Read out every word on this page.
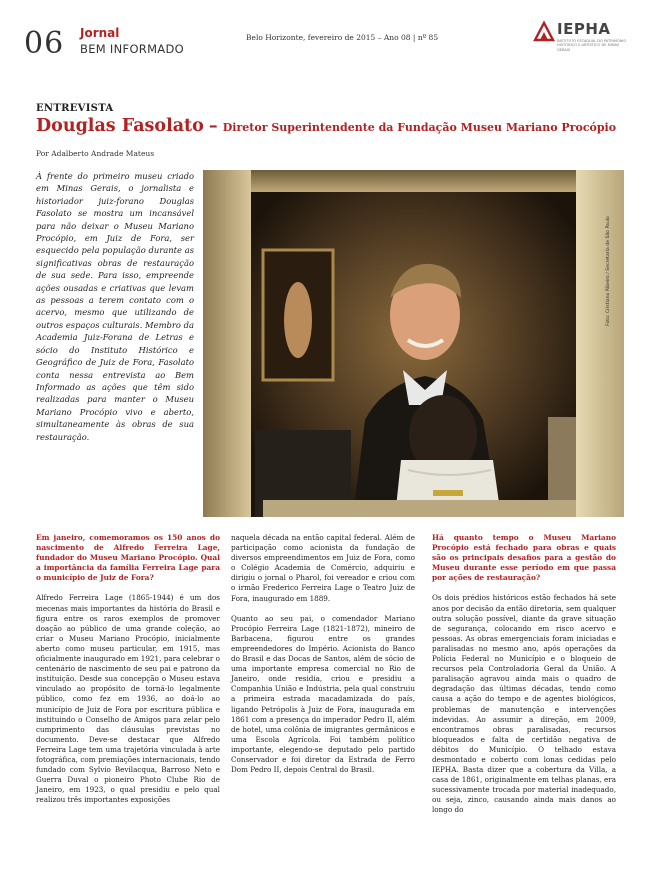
06 Jornal
BEM INFORMADO
Belo Horizonte, fevereiro de 2015 – Ano 08 | nº 85	IEPHA
INSTITUTO ESTADUAL DO PATRIMÔNIO HISTÓRICO E ARTÍSTICO DE MINAS GERAIS
ENTREVISTA
Douglas Fasolato – Diretor Superintendente da Fundação Museu Mariano Procópio
Por Adalberto Andrade Mateus
À frente do primeiro museu criado em Minas Gerais, o jornalista e historiador juiz-forano Douglas Fasolato se mostra um incansável para não deixar o Museu Mariano Procópio, em Juiz de Fora, ser esquecido pela população durante as significativas obras de restauração de sua sede. Para isso, empreende ações ousadas e criativas que levam as pessoas a terem contato com o acervo, mesmo que utilizando de outros espaços culturais. Membro da Academia Juiz-Forana de Letras e sócio do Instituto Histórico e Geográfico de Juiz de Fora, Fasolato conta nessa entrevista ao Bem Informado as ações que têm sido realizadas para manter o Museu Mariano Procópio vivo e aberto, simultaneamente às obras de sua restauração.
Foto: Cristiano Ribeiro / Secretaria de São Paulo
Em janeiro, comemoramos os 150 anos do nascimento de Alfredo Ferreira Lage, fundador do Museu Mariano Procópio. Qual a importância da família Ferreira Lage para o município de Juiz de Fora?

Alfredo Ferreira Lage (1865-1944) é um dos mecenas mais importantes da história do Brasil e figura entre os raros exemplos de promover doação ao público de uma grande coleção, ao criar o Museu Mariano Procópio, inicialmente aberto como museu particular, em 1915, mas oficialmente inaugurado em 1921, para celebrar o centenário de nascimento de seu pai e patrono da instituição. Desde sua concepção o Museu estava vinculado ao propósito de torná-lo legalmente público, como fez em 1936, ao doá-lo ao município de Juiz de Fora por escritura pública e instituindo o Conselho de Amigos para zelar pelo cumprimento das cláusulas previstas no documento. Deve-se destacar que Alfredo Ferreira Lage tem uma trajetória vinculada à arte fotográfica, com premiações internacionais, tendo fundado com Sylvio Bevilacqua, Barroso Neto e Guerra Duval o pioneiro Photo Clube Rio de Janeiro, em 1923, o qual presidiu e pelo qual realizou três importantes exposições

naquela década na então capital federal. Além de participação como acionista da fundação de diversos empreendimentos em Juiz de Fora, como o Colégio Academia de Comércio, adquiriu e dirigiu o jornal o Pharol, foi vereador e criou com o irmão Frederico Ferreira Lage o Teatro Juiz de Fora, inaugurado em 1889.

Quanto ao seu pai, o comendador Mariano Procópio Ferreira Lage (1821-1872), mineiro de Barbacena, figurou entre os grandes empreendedores do Império. Acionista do Banco do Brasil e das Docas de Santos, além de sócio de uma importante empresa comercial no Rio de Janeiro, onde residia, criou e presidiu a Companhia União e Indústria, pela qual construiu a primeira estrada macadamizada do país, ligando Petrópolis à Juiz de Fora, inaugurada em 1861 com a presença do imperador Pedro II, além de hotel, uma colônia de imigrantes germânicos e uma Escola Agrícola. Foi também político importante, elegendo-se deputado pelo partido Conservador e foi diretor da Estrada de Ferro Dom Pedro II, depois Central do Brasil.

Há quanto tempo o Museu Mariano Procópio está fechado para obras e quais são os principais desafios para a gestão do Museu durante esse período em que passa por ações de restauração?

Os dois prédios históricos estão fechados há sete anos por decisão da então diretoria, sem qualquer outra solução possível, diante da grave situação de segurança, colocando em risco acervo e pessoas. As obras emergenciais foram iniciadas e paralisadas no mesmo ano, após operações da Polícia Federal no Município e o bloqueio de recursos pela Controladoria Geral da União. A paralisação agravou ainda mais o quadro de degradação das últimas décadas, tendo como causa a ação do tempo e de agentes biológicos, problemas de manutenção e intervenções indevidas. Ao assumir a direção, em 2009, encontramos obras paralisadas, recursos bloqueados e falta de certidão negativa de débitos do Município. O telhado estava desmontado e coberto com lonas cedidas pelo IEPHA. Basta dizer que a cobertura da Villa, a casa de 1861, originalmente em telhas planas, era sucessivamente trocada por material inadequado, ou seja, zinco, causando ainda mais danos ao longo do
